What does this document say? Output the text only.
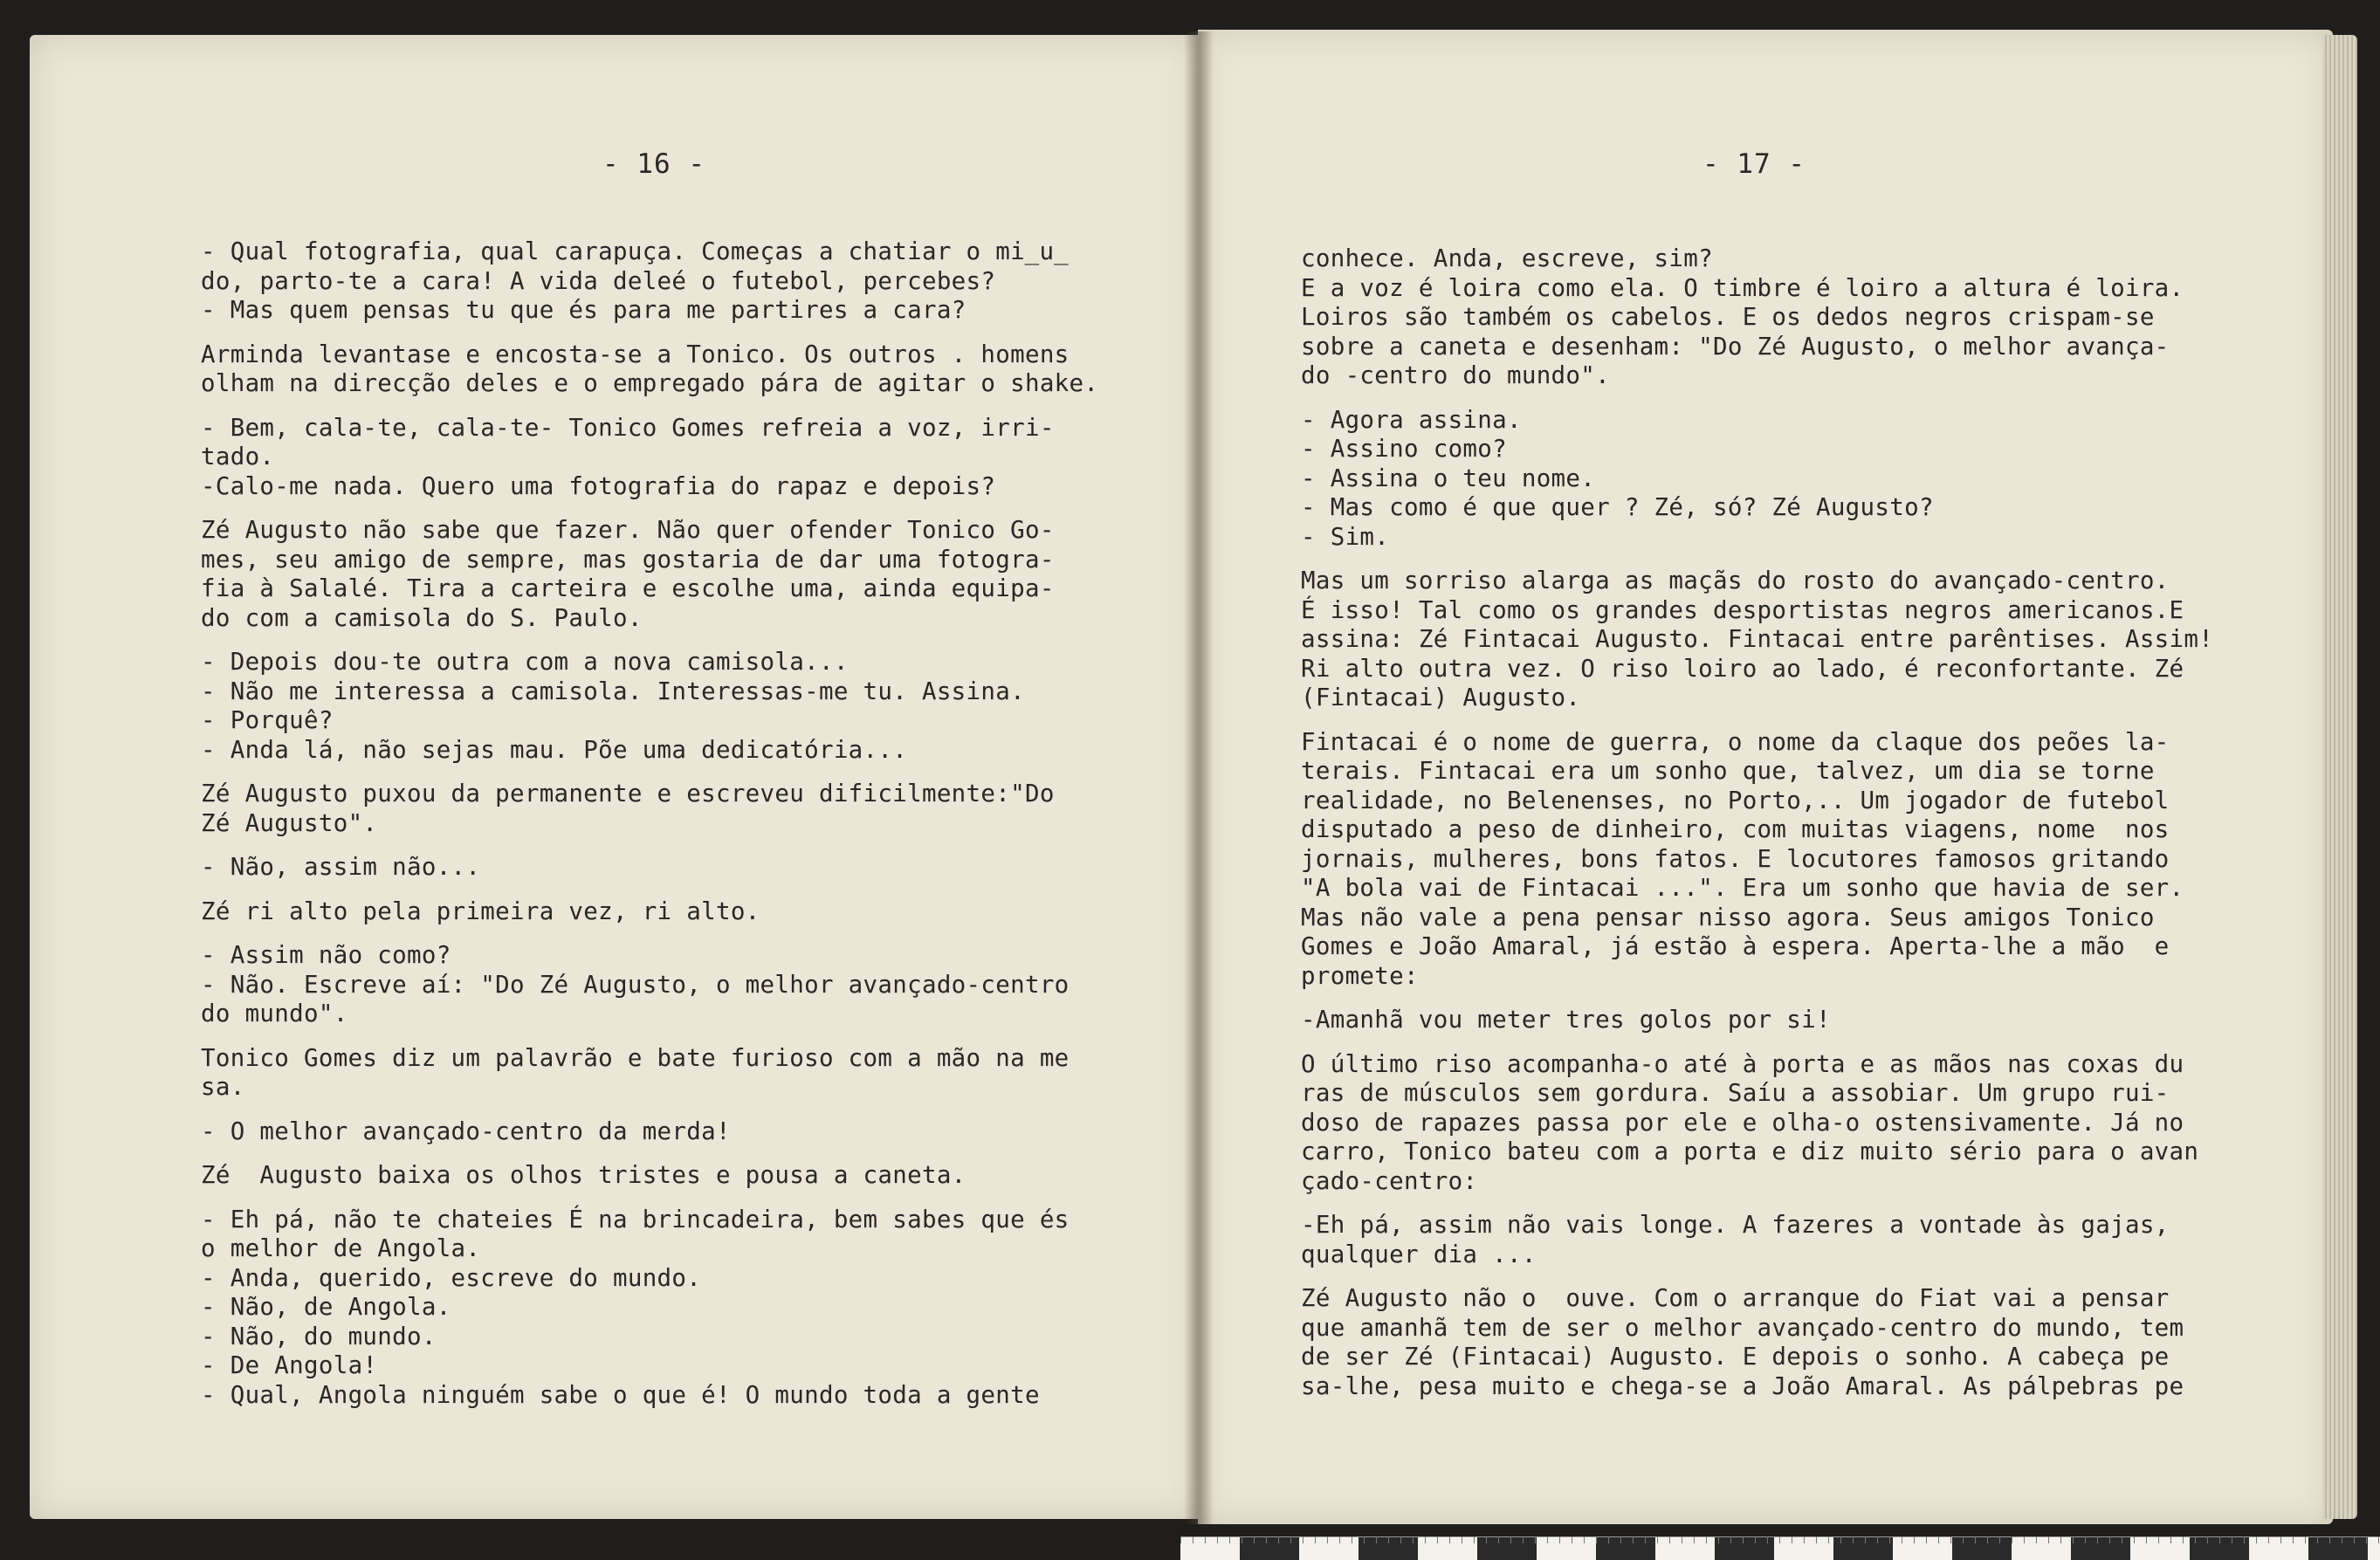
- 16 -	- 17 -
- Qual fotografia, qual carapuça. Começas a chatiar o mi̲u̲
do, parto-te a cara! A vida deleé o futebol, percebes?
- Mas quem pensas tu que és para me partires a cara?
Arminda levantase e encosta-se a Tonico. Os outros . homens
olham na direcção deles e o empregado pára de agitar o shake.
- Bem, cala-te, cala-te- Tonico Gomes refreia a voz, irri-
tado.
-Calo-me nada. Quero uma fotografia do rapaz e depois?
Zé Augusto não sabe que fazer. Não quer ofender Tonico Go-
mes, seu amigo de sempre, mas gostaria de dar uma fotogra-
fia à Salalé. Tira a carteira e escolhe uma, ainda equipa-
do com a camisola do S. Paulo.
- Depois dou-te outra com a nova camisola...
- Não me interessa a camisola. Interessas-me tu. Assina.
- Porquê?
- Anda lá, não sejas mau. Põe uma dedicatória...
Zé Augusto puxou da permanente e escreveu dificilmente:"Do
Zé Augusto".
- Não, assim não...
Zé ri alto pela primeira vez, ri alto.
- Assim não como?
- Não. Escreve aí: "Do Zé Augusto, o melhor avançado-centro
do mundo".
Tonico Gomes diz um palavrão e bate furioso com a mão na me
sa.
- O melhor avançado-centro da merda!
Zé  Augusto baixa os olhos tristes e pousa a caneta.
- Eh pá, não te chateies É na brincadeira, bem sabes que és
o melhor de Angola.
- Anda, querido, escreve do mundo.
- Não, de Angola.
- Não, do mundo.
- De Angola!
- Qual, Angola ninguém sabe o que é! O mundo toda a gente
conhece. Anda, escreve, sim?
E a voz é loira como ela. O timbre é loiro a altura é loira.
Loiros são também os cabelos. E os dedos negros crispam-se
sobre a caneta e desenham: "Do Zé Augusto, o melhor avança-
do -centro do mundo".
- Agora assina.
- Assino como?
- Assina o teu nome.
- Mas como é que quer ? Zé, só? Zé Augusto?
- Sim.
Mas um sorriso alarga as maçãs do rosto do avançado-centro.
É isso! Tal como os grandes desportistas negros americanos.E
assina: Zé Fintacai Augusto. Fintacai entre parêntises. Assim!
Ri alto outra vez. O riso loiro ao lado, é reconfortante. Zé
(Fintacai) Augusto.
Fintacai é o nome de guerra, o nome da claque dos peões la-
terais. Fintacai era um sonho que, talvez, um dia se torne
realidade, no Belenenses, no Porto,.. Um jogador de futebol
disputado a peso de dinheiro, com muitas viagens, nome  nos
jornais, mulheres, bons fatos. E locutores famosos gritando
"A bola vai de Fintacai ...". Era um sonho que havia de ser.
Mas não vale a pena pensar nisso agora. Seus amigos Tonico
Gomes e João Amaral, já estão à espera. Aperta-lhe a mão  e
promete:
-Amanhã vou meter tres golos por si!
O último riso acompanha-o até à porta e as mãos nas coxas du
ras de músculos sem gordura. Saíu a assobiar. Um grupo rui-
doso de rapazes passa por ele e olha-o ostensivamente. Já no
carro, Tonico bateu com a porta e diz muito sério para o avan
çado-centro:
-Eh pá, assim não vais longe. A fazeres a vontade às gajas,
qualquer dia ...
Zé Augusto não o  ouve. Com o arranque do Fiat vai a pensar
que amanhã tem de ser o melhor avançado-centro do mundo, tem
de ser Zé (Fintacai) Augusto. E depois o sonho. A cabeça pe
sa-lhe, pesa muito e chega-se a João Amaral. As pálpebras pe
